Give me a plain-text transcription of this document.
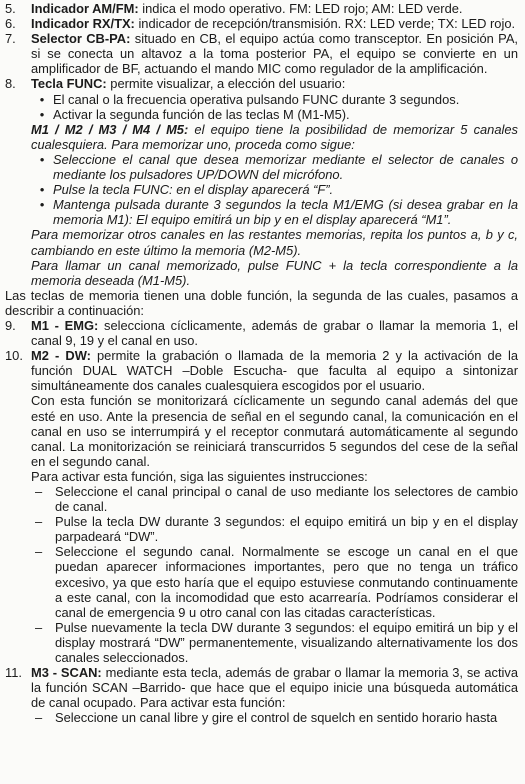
5.	Indicador AM/FM: indica el modo operativo. FM: LED rojo; AM: LED verde.

6.	Indicador RX/TX: indicador de recepción/transmisión. RX: LED verde; TX: LED rojo.

7.	Selector CB-PA: situado en CB, el equipo actúa como transceptor. En posición PA, si se conecta un altavoz a la toma posterior PA, el equipo se convierte en un amplificador de BF, actuando el mando MIC como regulador de la amplificación.

8.	Tecla FUNC: permite visualizar, a elección del usuario:

• El canal o la frecuencia operativa pulsando FUNC durante 3 segundos.
• Activar la segunda función de las teclas M (M1-M5).

M1 / M2 / M3 / M4 / M5: el equipo tiene la posibilidad de memorizar 5 canales cualesquiera. Para memorizar uno, proceda como sigue:

• Seleccione el canal que desea memorizar mediante el selector de canales o mediante los pulsadores UP/DOWN del micrófono.
• Pulse la tecla FUNC: en el display aparecerá “F”.
• Mantenga pulsada durante 3 segundos la tecla M1/EMG (si desea grabar en la memoria M1): El equipo emitirá un bip y en el display aparecerá “M1”.

Para memorizar otros canales en las restantes memorias, repita los puntos a, b y c, cambiando en este último la memoria (M2-M5).

Para llamar un canal memorizado, pulse FUNC + la tecla correspondiente a la memoria deseada (M1-M5).

Las teclas de memoria tienen una doble función, la segunda de las cuales, pasamos a describir a continuación:

9.	M1 - EMG: selecciona cíclicamente, además de grabar o llamar la memoria 1, el canal 9, 19 y el canal en uso.

10. M2 - DW: permite la grabación o llamada de la memoria 2 y la activación de la función DUAL WATCH –Doble Escucha- que faculta al equipo a sintonizar simultáneamente dos canales cualesquiera escogidos por el usuario.

Con esta función se monitorizará cíclicamente un segundo canal además del que esté en uso. Ante la presencia de señal en el segundo canal, la comunicación en el canal en uso se interrumpirá y el receptor conmutará automáticamente al segundo canal. La monitorización se reiniciará transcurridos 5 segundos del cese de la señal en el segundo canal.

Para activar esta función, siga las siguientes instrucciones:

– Seleccione el canal principal o canal de uso mediante los selectores de cambio de canal.
– Pulse la tecla DW durante 3 segundos: el equipo emitirá un bip y en el display parpadeará “DW”.
– Seleccione el segundo canal. Normalmente se escoge un canal en el que puedan aparecer informaciones importantes, pero que no tenga un tráfico excesivo, ya que esto haría que el equipo estuviese conmutando continuamente a este canal, con la incomodidad que esto acarrearía. Podríamos considerar el canal de emergencia 9 u otro canal con las citadas características.
– Pulse nuevamente la tecla DW durante 3 segundos: el equipo emitirá un bip y el display mostrará “DW” permanentemente, visualizando alternativamente los dos canales seleccionados.
11. M3 - SCAN: mediante esta tecla, además de grabar o llamar la memoria 3, se activa la función SCAN –Barrido- que hace que el equipo inicie una búsqueda automática de canal ocupado. Para activar esta función:

– Seleccione un canal libre y gire el control de squelch en sentido horario hasta
